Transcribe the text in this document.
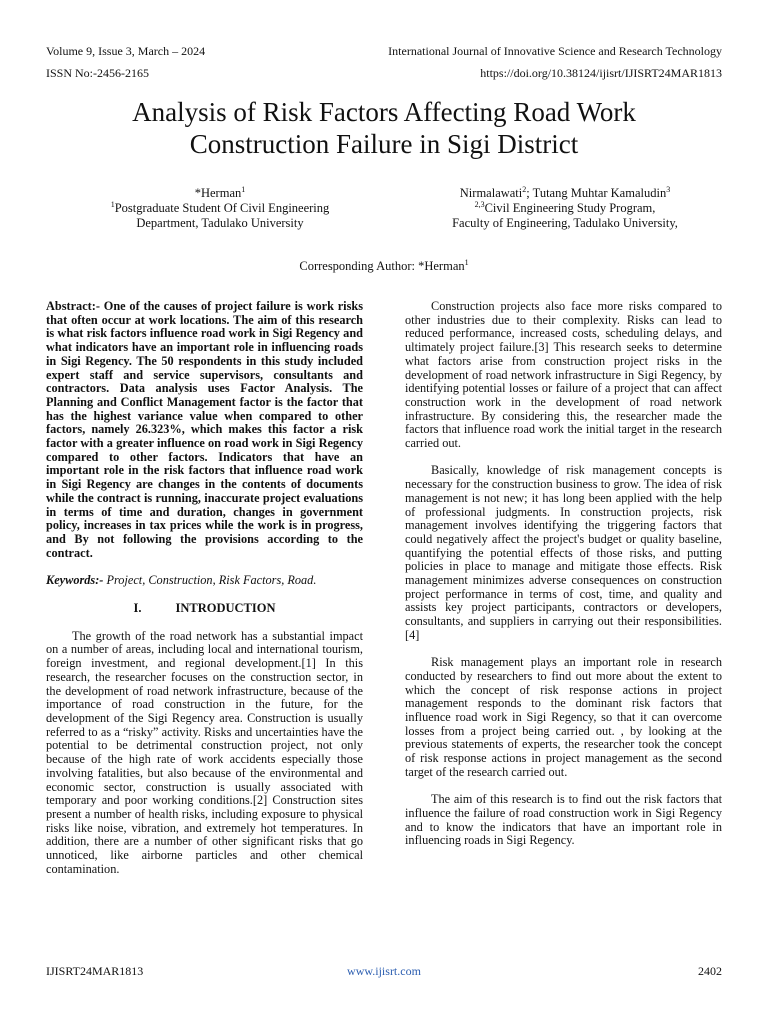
Volume 9, Issue 3, March – 2024
ISSN No:-2456-2165
International Journal of Innovative Science and Research Technology
https://doi.org/10.38124/ijisrt/IJISRT24MAR1813
Analysis of Risk Factors Affecting Road Work
Construction Failure in Sigi District
*Herman$^1$
$^1$Postgraduate Student Of Civil Engineering
Department, Tadulako University
Nirmalawati$^2$; Tutang Muhtar Kamaludin$^3$
$^{2,3}$Civil Engineering Study Program,
Faculty of Engineering, Tadulako University,
Corresponding Author: *Herman$^1$

Abstract:- One of the causes of project failure is work risks that often occur at work locations. The aim of this research is what risk factors influence road work in Sigi Regency and what indicators have an important role in influencing roads in Sigi Regency. The 50 respondents in this study included expert staff and service supervisors, consultants and contractors. Data analysis uses Factor Analysis. The Planning and Conflict Management factor is the factor that has the highest variance value when compared to other factors, namely 26.323%, which makes this factor a risk factor with a greater influence on road work in Sigi Regency compared to other factors. Indicators that have an important role in the risk factors that influence road work in Sigi Regency are changes in the contents of documents while the contract is running, inaccurate project evaluations in terms of time and duration, changes in government policy, increases in tax prices while the work is in progress, and By not following the provisions according to the contract.

Keywords:- Project, Construction, Risk Factors, Road.

I.	INTRODUCTION

The growth of the road network has a substantial impact on a number of areas, including local and international tourism, foreign investment, and regional development.[1] In this research, the researcher focuses on the construction sector, in the development of road network infrastructure, because of the importance of road construction in the future, for the development of the Sigi Regency area. Construction is usually referred to as a “risky” activity. Risks and uncertainties have the potential to be detrimental construction project, not only because of the high rate of work accidents especially those involving fatalities, but also because of the environmental and economic sector, construction is usually associated with temporary and poor working conditions.[2] Construction sites present a number of health risks, including exposure to physical risks like noise, vibration, and extremely hot temperatures. In addition, there are a number of other significant risks that go unnoticed, like airborne particles and other chemical contamination.

Construction projects also face more risks compared to other industries due to their complexity. Risks can lead to reduced performance, increased costs, scheduling delays, and ultimately project failure.[3] This research seeks to determine what factors arise from construction project risks in the development of road network infrastructure in Sigi Regency, by identifying potential losses or failure of a project that can affect construction work in the development of road network infrastructure. By considering this, the researcher made the factors that influence road work the initial target in the research carried out.

Basically, knowledge of risk management concepts is necessary for the construction business to grow. The idea of risk management is not new; it has long been applied with the help of professional judgments. In construction projects, risk management involves identifying the triggering factors that could negatively affect the project's budget or quality baseline, quantifying the potential effects of those risks, and putting policies in place to manage and mitigate those effects. Risk management minimizes adverse consequences on construction project performance in terms of cost, time, and quality and assists key project participants, contractors or developers, consultants, and suppliers in carrying out their responsibilities.[4]

Risk management plays an important role in research conducted by researchers to find out more about the extent to which the concept of risk response actions in project management responds to the dominant risk factors that influence road work in Sigi Regency, so that it can overcome losses from a project being carried out. , by looking at the previous statements of experts, the researcher took the concept of risk response actions in project management as the second target of the research carried out.

The aim of this research is to find out the risk factors that influence the failure of road construction work in Sigi Regency and to know the indicators that have an important role in influencing roads in Sigi Regency.

IJISRT24MAR1813	www.ijisrt.com	2402
